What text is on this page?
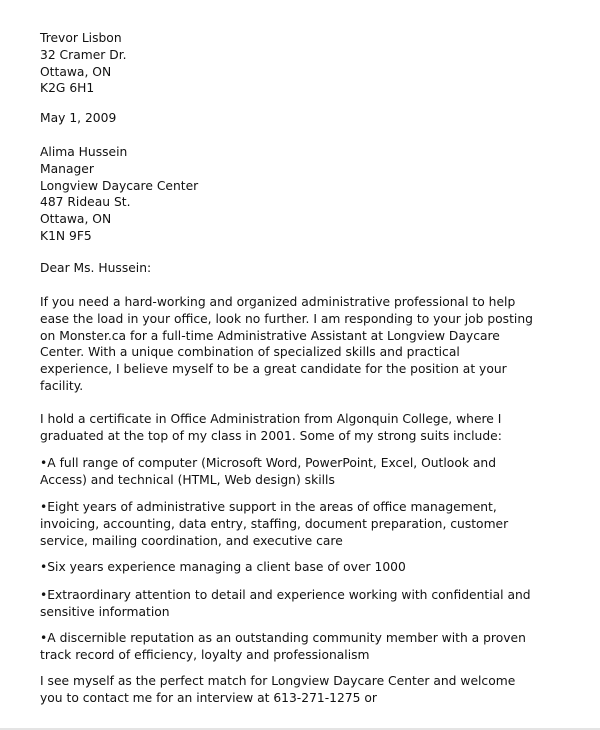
Trevor Lisbon
32 Cramer Dr.
Ottawa, ON
K2G 6H1
May 1, 2009
Alima Hussein
Manager
Longview Daycare Center
487 Rideau St.
Ottawa, ON
K1N 9F5
Dear Ms. Hussein:
If you need a hard-working and organized administrative professional to help
ease the load in your office, look no further. I am responding to your job posting
on Monster.ca for a full-time Administrative Assistant at Longview Daycare
Center. With a unique combination of specialized skills and practical
experience, I believe myself to be a great candidate for the position at your
facility.
I hold a certificate in Office Administration from Algonquin College, where I
graduated at the top of my class in 2001. Some of my strong suits include:
•A full range of computer (Microsoft Word, PowerPoint, Excel, Outlook and
Access) and technical (HTML, Web design) skills
•Eight years of administrative support in the areas of office management,
invoicing, accounting, data entry, staffing, document preparation, customer
service, mailing coordination, and executive care
•Six years experience managing a client base of over 1000
•Extraordinary attention to detail and experience working with confidential and
sensitive information
•A discernible reputation as an outstanding community member with a proven
track record of efficiency, loyalty and professionalism
I see myself as the perfect match for Longview Daycare Center and welcome
you to contact me for an interview at 613-271-1275 or
